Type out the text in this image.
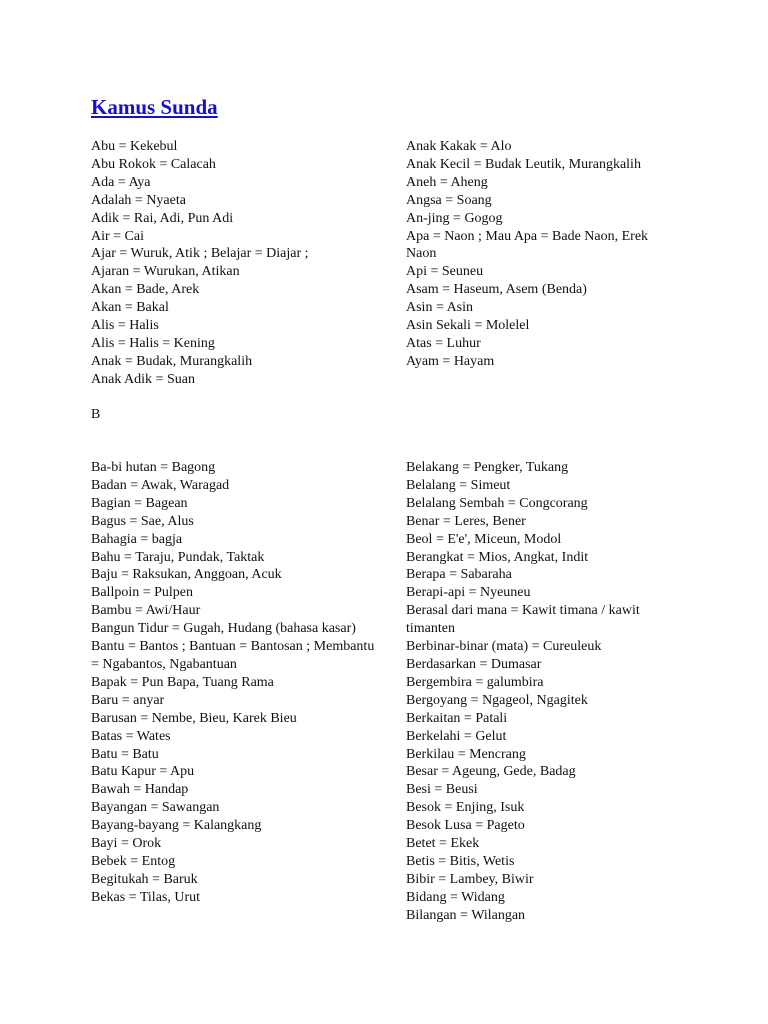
Kamus Sunda
Abu = Kekebul
Abu Rokok = Calacah
Ada = Aya
Adalah = Nyaeta
Adik = Rai, Adi, Pun Adi
Air = Cai
Ajar = Wuruk, Atik ; Belajar = Diajar ;
Ajaran = Wurukan, Atikan
Akan = Bade, Arek
Akan = Bakal
Alis = Halis
Alis = Halis = Kening
Anak = Budak, Murangkalih
Anak Adik = Suan
Anak Kakak = Alo
Anak Kecil = Budak Leutik, Murangkalih
Aneh = Aheng
Angsa = Soang
An-jing = Gogog
Apa = Naon ; Mau Apa = Bade Naon, Erek Naon
Api = Seuneu
Asam = Haseum, Asem (Benda)
Asin = Asin
Asin Sekali = Molelel
Atas = Luhur
Ayam = Hayam
B
Ba-bi hutan = Bagong
Badan = Awak, Waragad
Bagian = Bagean
Bagus = Sae, Alus
Bahagia = bagja
Bahu = Taraju, Pundak, Taktak
Baju = Raksukan, Anggoan, Acuk
Ballpoin = Pulpen
Bambu = Awi/Haur
Bangun Tidur = Gugah, Hudang (bahasa kasar)
Bantu = Bantos ; Bantuan = Bantosan ; Membantu = Ngabantos, Ngabantuan
Bapak = Pun Bapa, Tuang Rama
Baru = anyar
Barusan = Nembe, Bieu, Karek Bieu
Batas = Wates
Batu = Batu
Batu Kapur = Apu
Bawah = Handap
Bayangan = Sawangan
Bayang-bayang = Kalangkang
Bayi = Orok
Bebek = Entog
Begitukah = Baruk
Bekas = Tilas, Urut
Belakang = Pengker, Tukang
Belalang = Simeut
Belalang Sembah = Congcorang
Benar = Leres, Bener
Beol = E'e', Miceun, Modol
Berangkat = Mios, Angkat, Indit
Berapa = Sabaraha
Berapi-api = Nyeuneu
Berasal dari mana = Kawit timana / kawit timanten
Berbinar-binar (mata) = Cureuleuk
Berdasarkan = Dumasar
Bergembira = galumbira
Bergoyang = Ngageol, Ngagitek
Berkaitan = Patali
Berkelahi = Gelut
Berkilau = Mencrang
Besar = Ageung, Gede, Badag
Besi = Beusi
Besok = Enjing, Isuk
Besok Lusa = Pageto
Betet = Ekek
Betis = Bitis, Wetis
Bibir = Lambey, Biwir
Bidang = Widang
Bilangan = Wilangan
